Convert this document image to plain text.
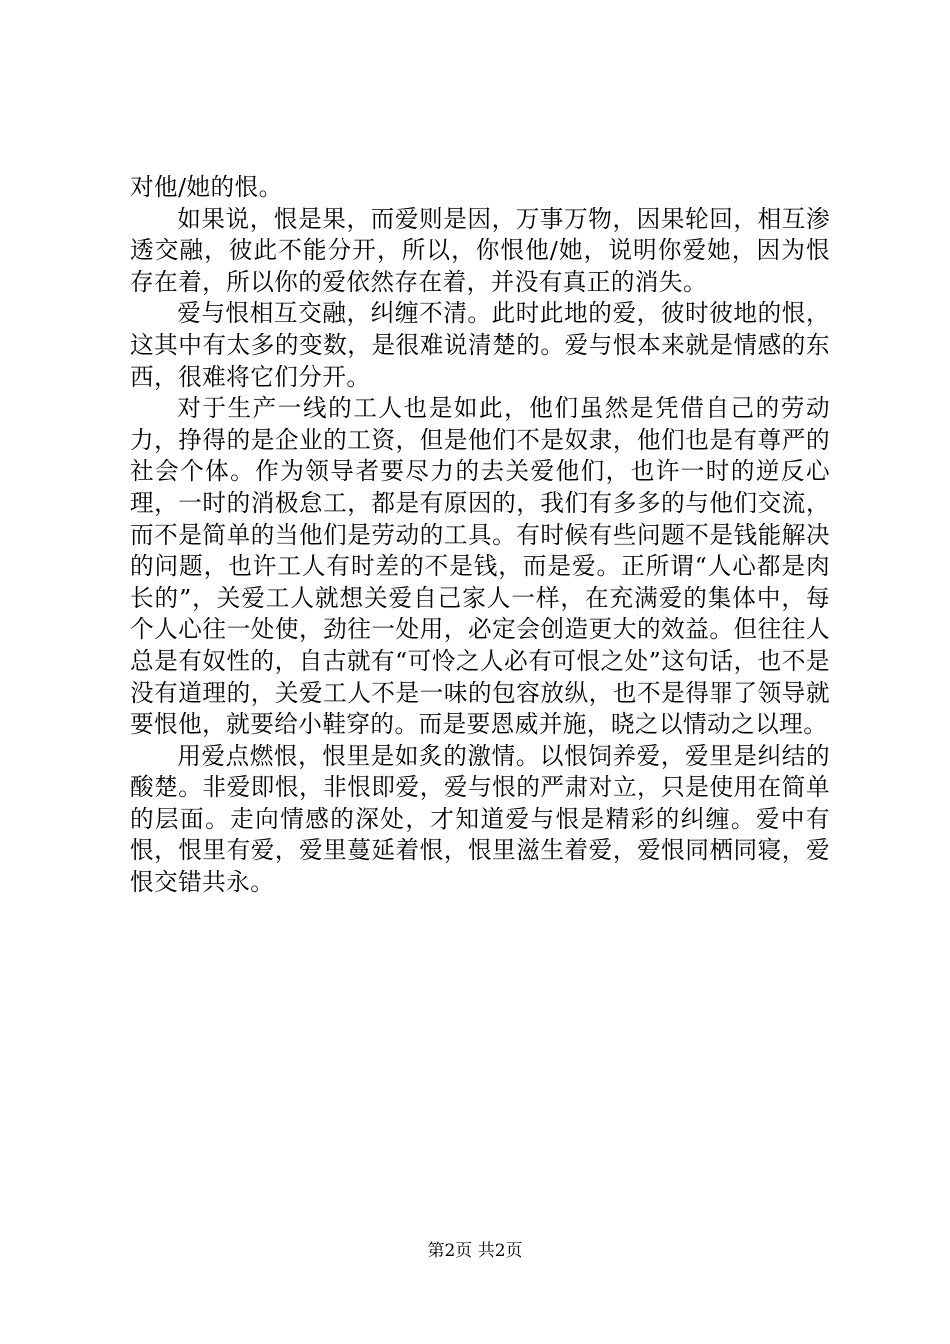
对他/她的恨。

如果说，恨是果，而爱则是因，万事万物，因果轮回，相互渗透交融，彼此不能分开，所以，你恨他/她，说明你爱她，因为恨存在着，所以你的爱依然存在着，并没有真正的消失。

爱与恨相互交融，纠缠不清。此时此地的爱，彼时彼地的恨，这其中有太多的变数，是很难说清楚的。爱与恨本来就是情感的东西，很难将它们分开。

对于生产一线的工人也是如此，他们虽然是凭借自己的劳动力，挣得的是企业的工资，但是他们不是奴隶，他们也是有尊严的社会个体。作为领导者要尽力的去关爱他们，也许一时的逆反心理，一时的消极怠工，都是有原因的，我们有多多的与他们交流，而不是简单的当他们是劳动的工具。有时候有些问题不是钱能解决的问题，也许工人有时差的不是钱，而是爱。正所谓“人心都是肉长的”，关爱工人就想关爱自己家人一样，在充满爱的集体中，每个人心往一处使，劲往一处用，必定会创造更大的效益。但往往人总是有奴性的，自古就有“可怜之人必有可恨之处”这句话，也不是没有道理的，关爱工人不是一味的包容放纵，也不是得罪了领导就要恨他，就要给小鞋穿的。而是要恩威并施，晓之以情动之以理。

用爱点燃恨，恨里是如炙的激情。以恨饲养爱，爱里是纠结的酸楚。非爱即恨，非恨即爱，爱与恨的严肃对立，只是使用在简单的层面。走向情感的深处，才知道爱与恨是精彩的纠缠。爱中有恨，恨里有爱，爱里蔓延着恨，恨里滋生着爱，爱恨同栖同寝，爱恨交错共永。

第2页 共2页
